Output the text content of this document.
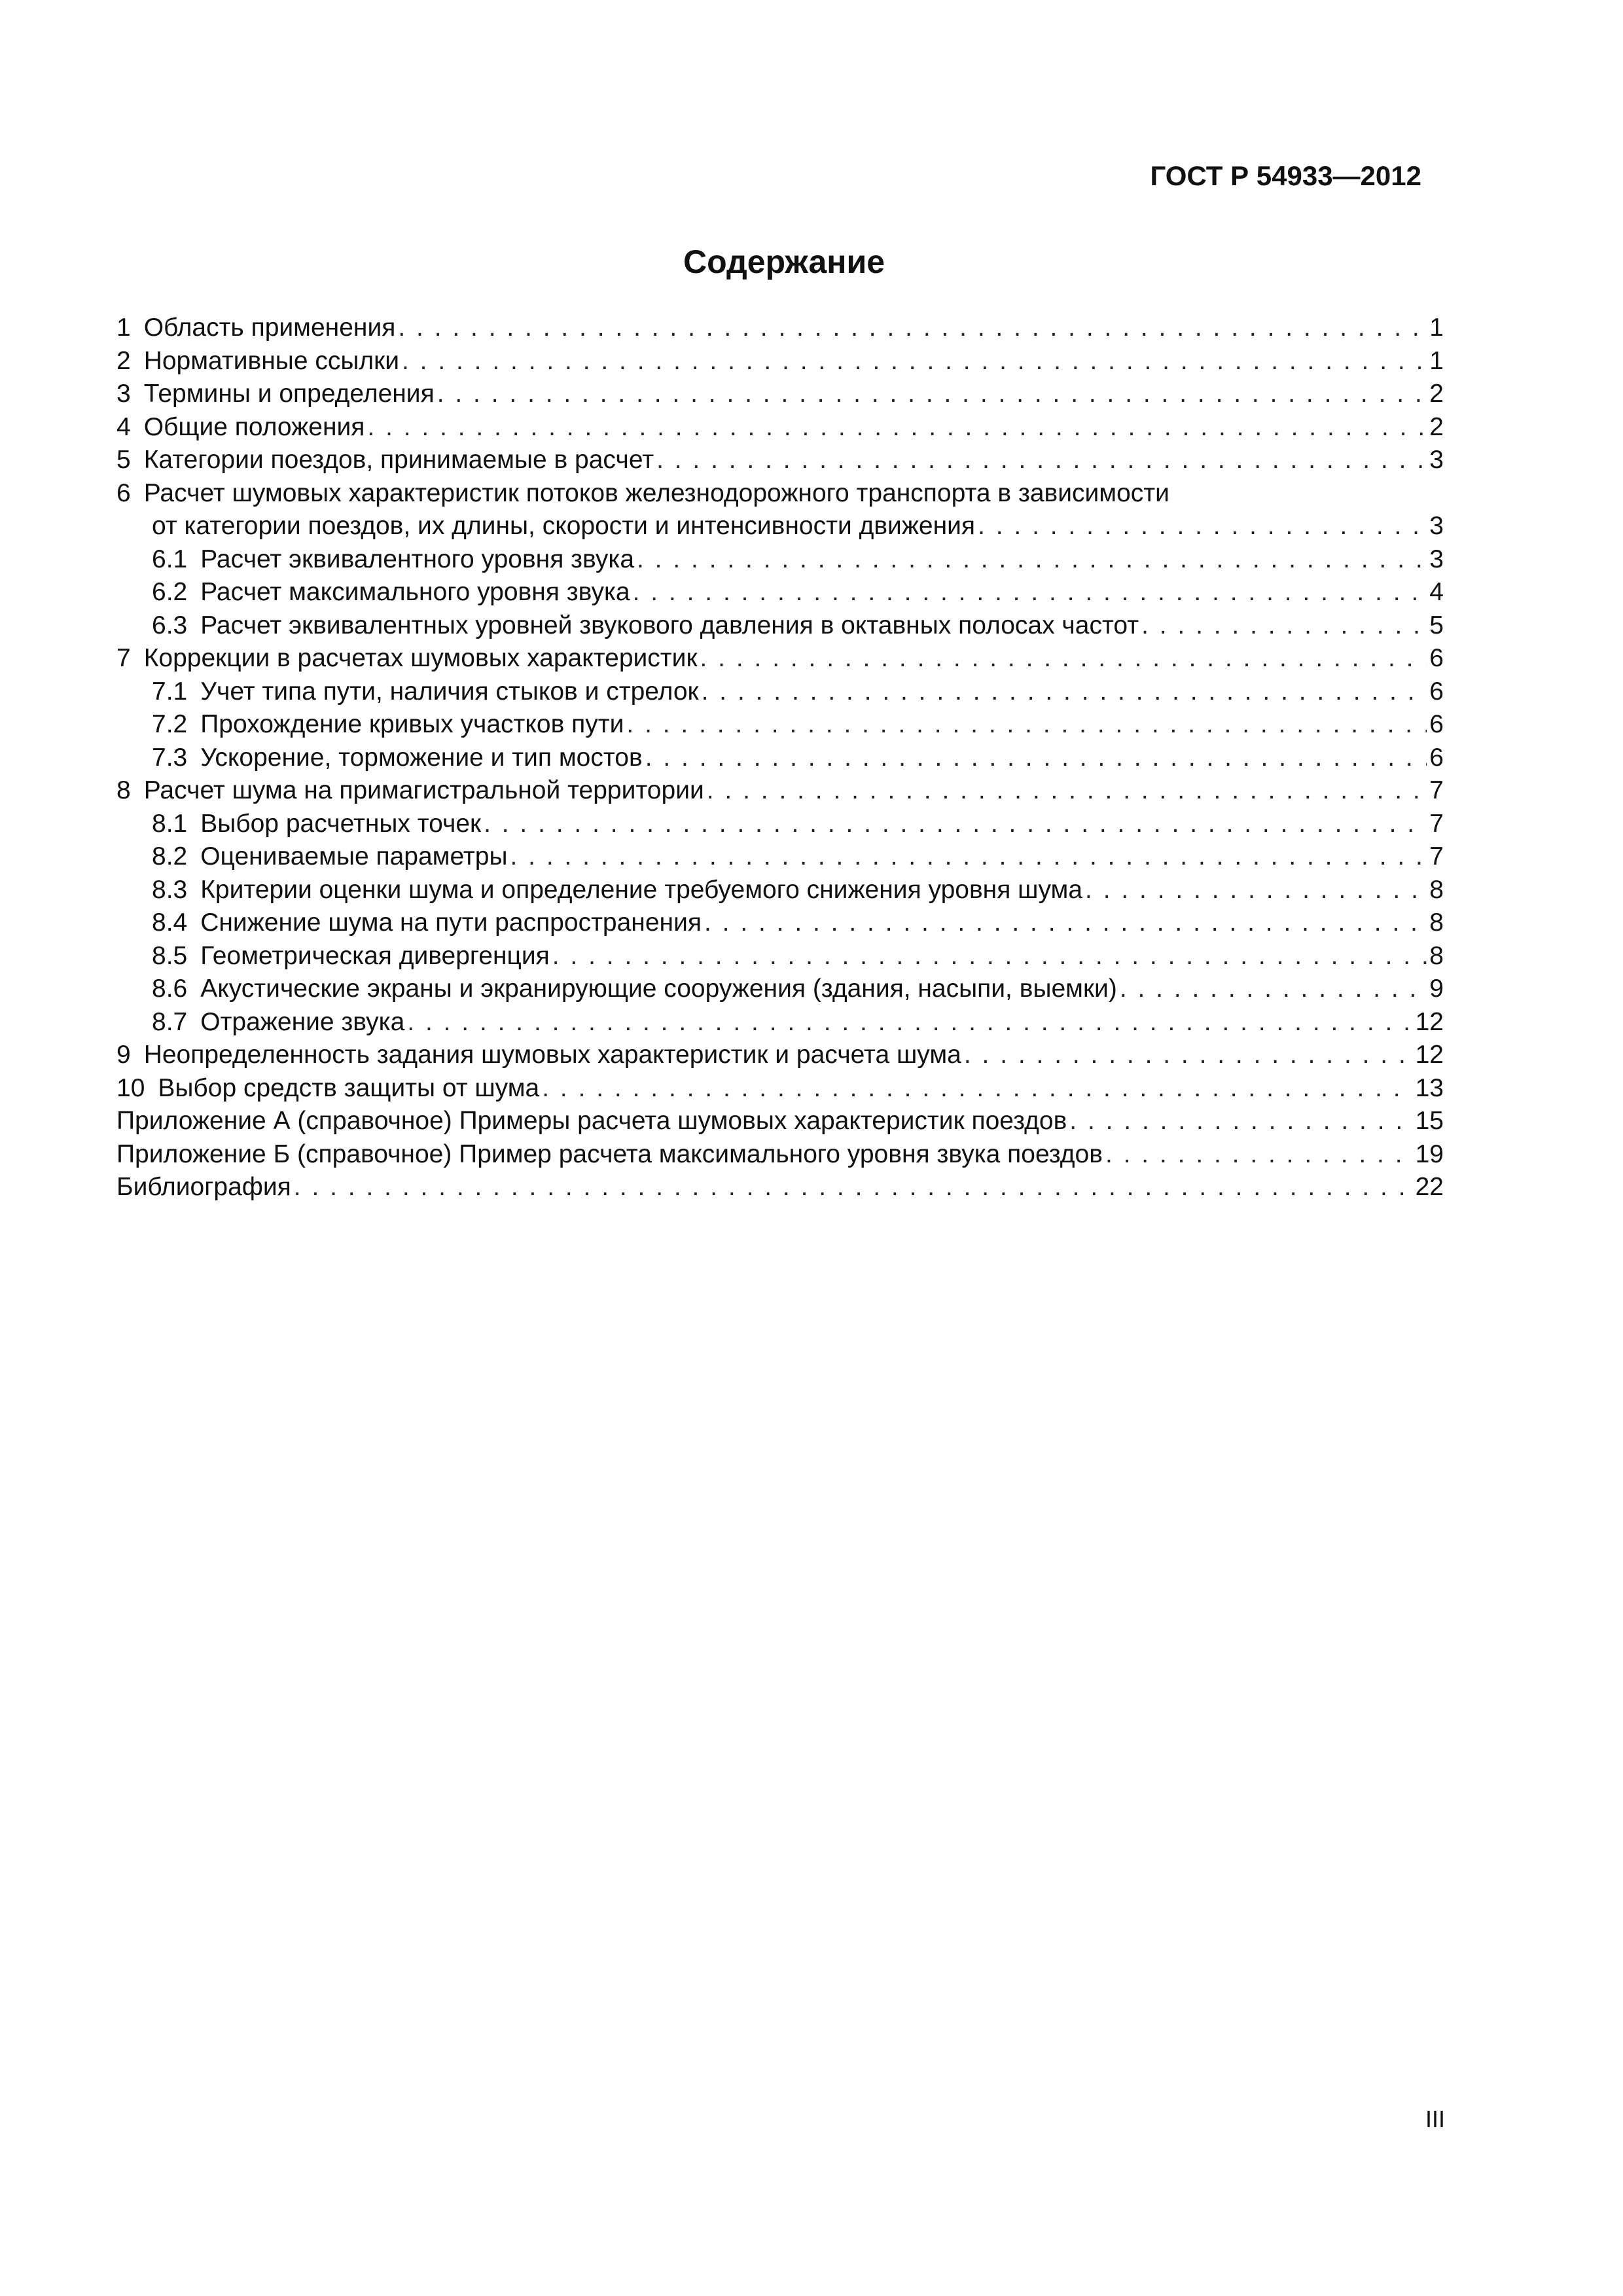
ГОСТ Р 54933—2012
Содержание
1 Область применения . . .	1
2 Нормативные ссылки . . .	1
3 Термины и определения . . .	2
4 Общие положения . . .	2
5 Категории поездов, принимаемые в расчет . . .	3
6 Расчет шумовых характеристик потоков железнодорожного транспорта в зависимости
от категории поездов, их длины, скорости и интенсивности движения . . .	3
6.1 Расчет эквивалентного уровня звука . . .	3
6.2 Расчет максимального уровня звука . . .	4
6.3 Расчет эквивалентных уровней звукового давления в октавных полосах частот . . .	5
7 Коррекции в расчетах шумовых характеристик . . .	6
7.1 Учет типа пути, наличия стыков и стрелок . . .	6
7.2 Прохождение кривых участков пути . . .	6
7.3 Ускорение, торможение и тип мостов . . .	6
8 Расчет шума на примагистральной территории . . .	7
8.1 Выбор расчетных точек . . .	7
8.2 Оцениваемые параметры . . .	7
8.3 Критерии оценки шума и определение требуемого снижения уровня шума . . .	8
8.4 Снижение шума на пути распространения . . .	8
8.5 Геометрическая дивергенция . . .	8
8.6 Акустические экраны и экранирующие сооружения (здания, насыпи, выемки) . . .	9
8.7 Отражение звука . . .	12
9 Неопределенность задания шумовых характеристик и расчета шума . . .	12
10 Выбор средств защиты от шума . . .	13
Приложение А (справочное) Примеры расчета шумовых характеристик поездов . . .	15
Приложение Б (справочное) Пример расчета максимального уровня звука поездов . . .	19
Библиография . . .	22
III
